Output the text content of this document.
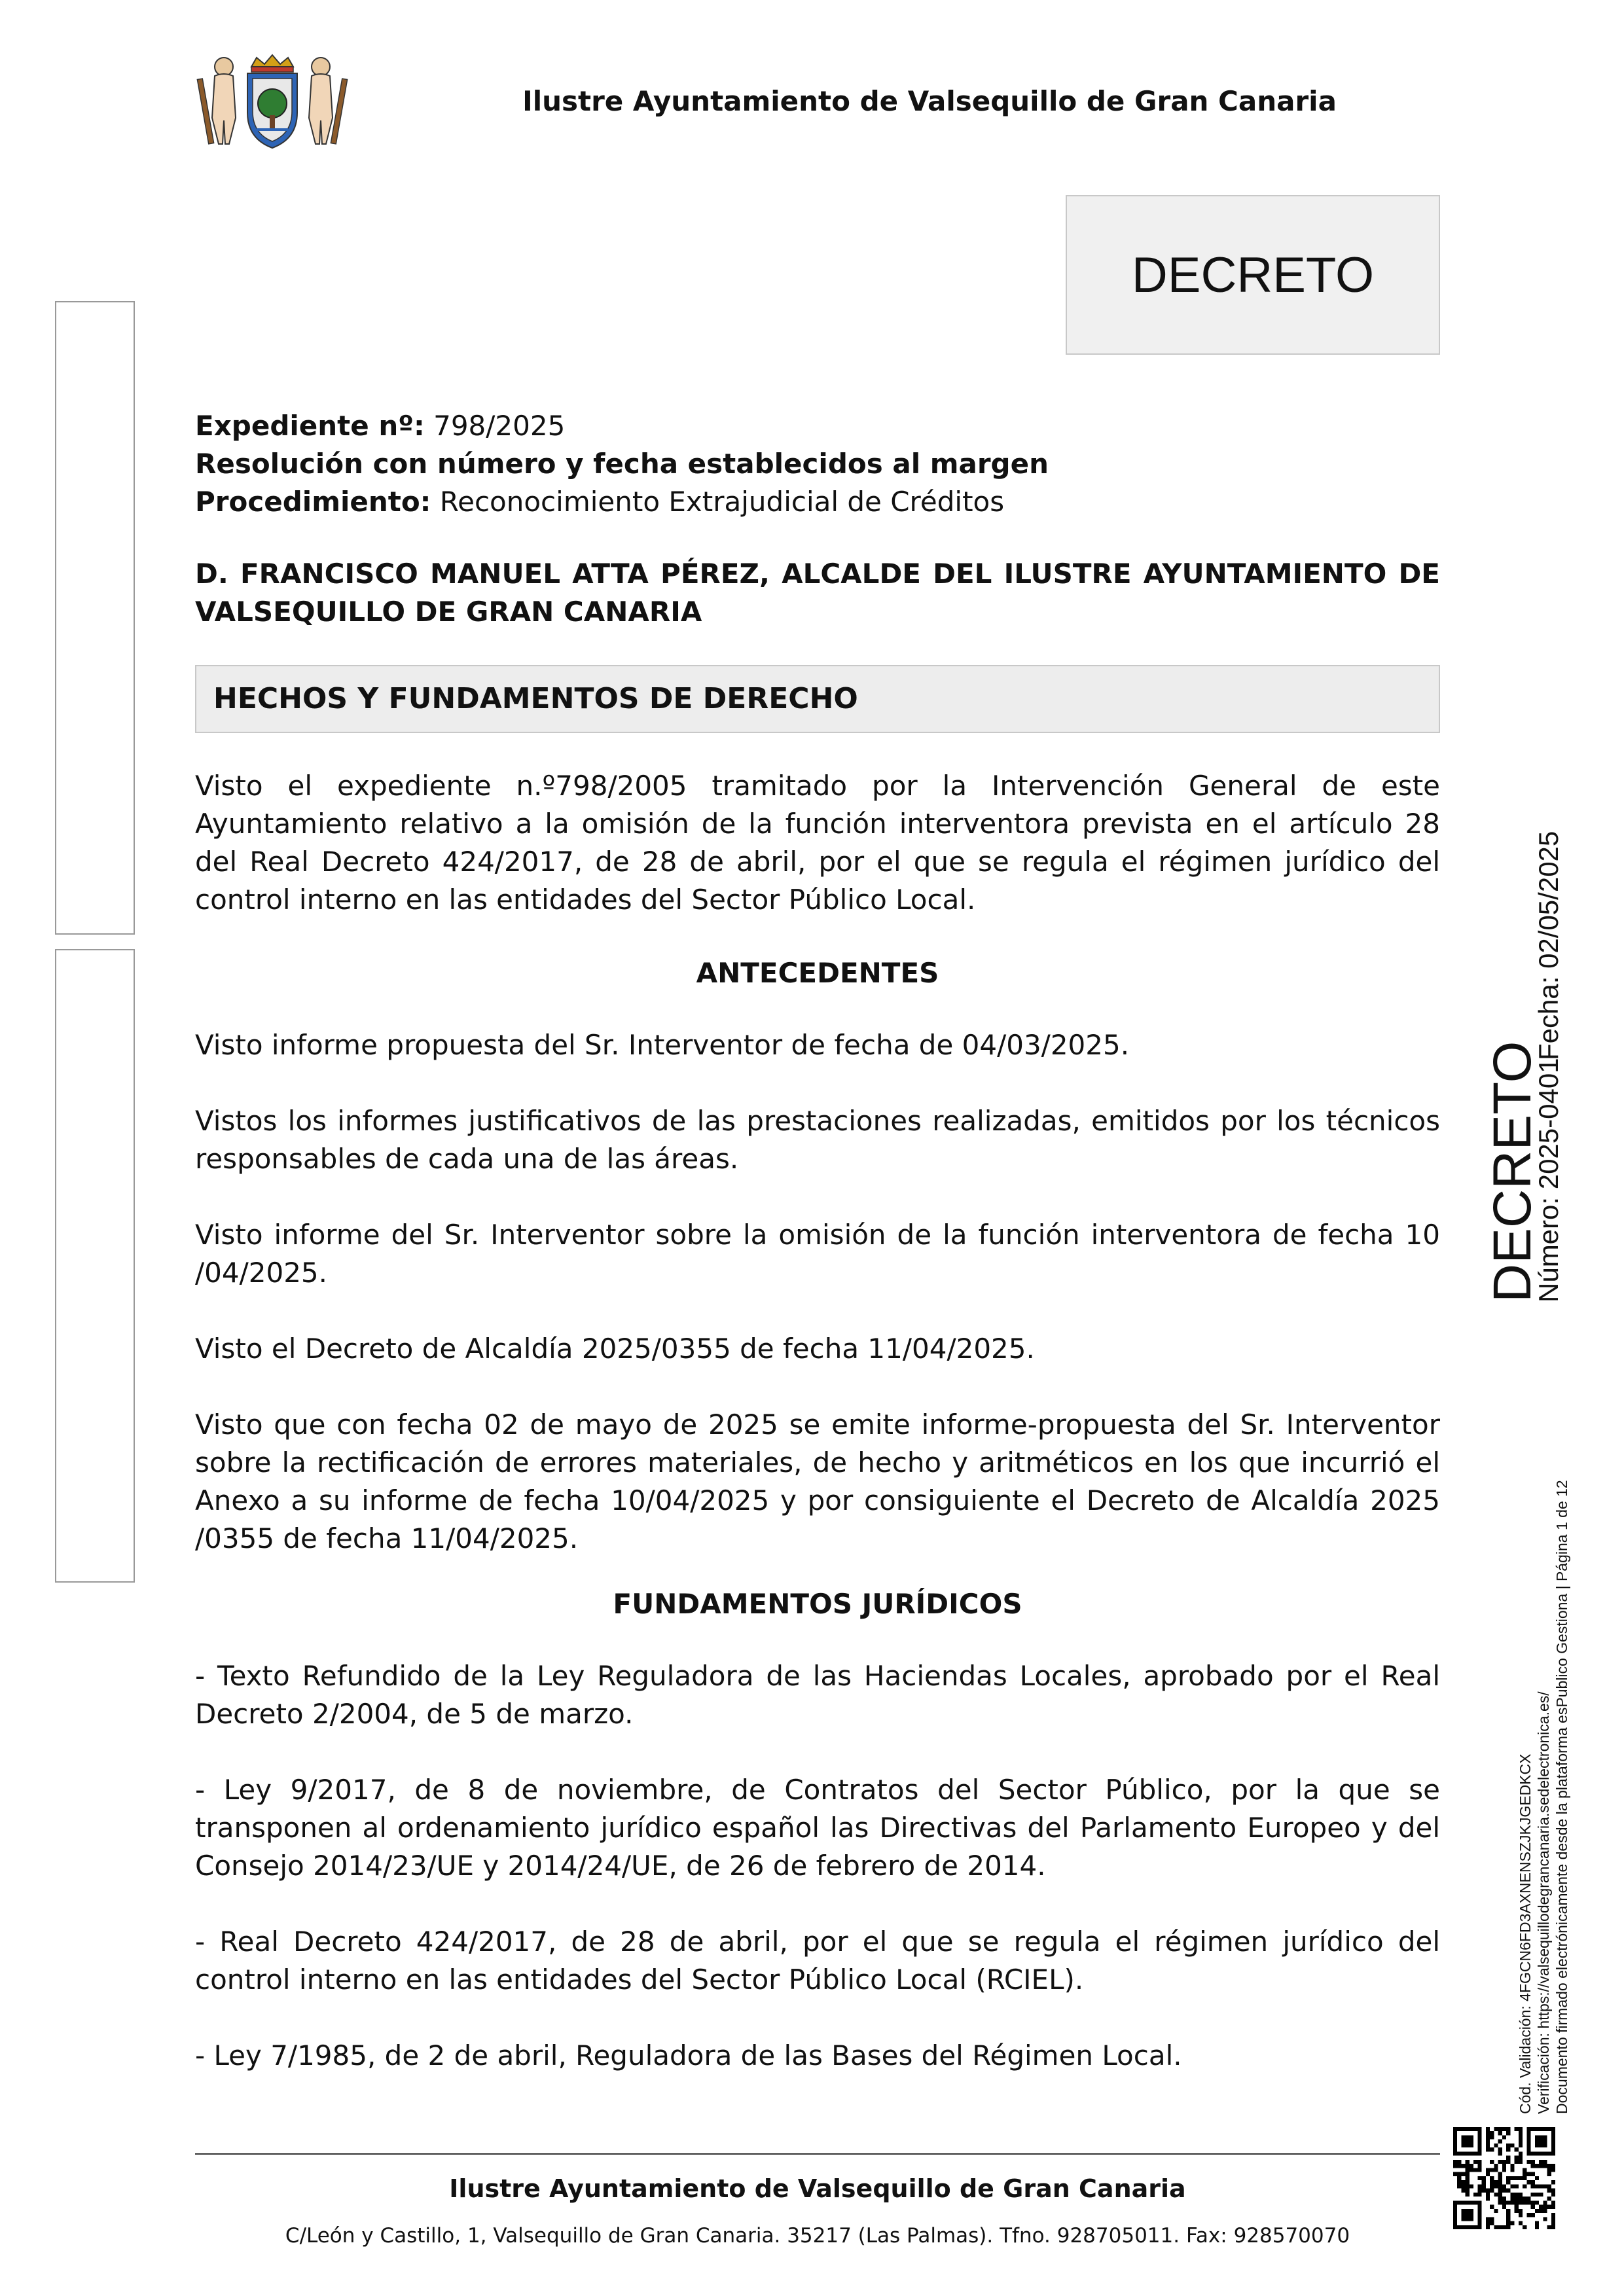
Ilustre Ayuntamiento de Valsequillo de Gran Canaria
DECRETO

Expediente nº: 798/2025

Resolución con número y fecha establecidos al margen

Procedimiento: Reconocimiento Extrajudicial de Créditos

D. FRANCISCO MANUEL ATTA PÉREZ, ALCALDE DEL ILUSTRE AYUNTAMIENTO DE VALSEQUILLO DE GRAN CANARIA
HECHOS Y FUNDAMENTOS DE DERECHO

Visto el expediente n.º798/2005 tramitado por la Intervención General de este Ayuntamiento relativo a la omisión de la función interventora prevista en el artículo 28 del Real Decreto 424/2017, de 28 de abril, por el que se regula el régimen jurídico del control interno en las entidades del Sector Público Local.

ANTECEDENTES

Visto informe propuesta del Sr. Interventor de fecha de 04/03/2025.

Vistos los informes justificativos de las prestaciones realizadas, emitidos por los técnicos responsables de cada una de las áreas.

Visto informe del Sr. Interventor sobre la omisión de la función interventora de fecha 10 /04/2025.

Visto el Decreto de Alcaldía 2025/0355 de fecha 11/04/2025.

Visto que con fecha 02 de mayo de 2025 se emite informe-propuesta del Sr. Interventor sobre la rectificación de errores materiales, de hecho y aritméticos en los que incurrió el Anexo a su informe de fecha 10/04/2025 y por consiguiente el Decreto de Alcaldía 2025 /0355 de fecha 11/04/2025.

FUNDAMENTOS JURÍDICOS

- Texto Refundido de la Ley Reguladora de las Haciendas Locales, aprobado por el Real Decreto 2/2004, de 5 de marzo.

- Ley 9/2017, de 8 de noviembre, de Contratos del Sector Público, por la que se transponen al ordenamiento jurídico español las Directivas del Parlamento Europeo y del Consejo 2014/23/UE y 2014/24/UE, de 26 de febrero de 2014.

- Real Decreto 424/2017, de 28 de abril, por el que se regula el régimen jurídico del control interno en las entidades del Sector Público Local (RCIEL).

- Ley 7/1985, de 2 de abril, Reguladora de las Bases del Régimen Local.

DECRETO
Número: 2025-0401
Fecha: 02/05/2025
Cód. Validación: 4FGCN6FD3AXNENSZJKJGEDKCX Verificación: https://valsequillodegrancanaria.sedelectronica.es/ Documento firmado electrónicamente desde la plataforma esPublico Gestiona | Página 1 de 12
Ilustre Ayuntamiento de Valsequillo de Gran Canaria
C/León y Castillo, 1, Valsequillo de Gran Canaria. 35217 (Las Palmas). Tfno. 928705011. Fax: 928570070
